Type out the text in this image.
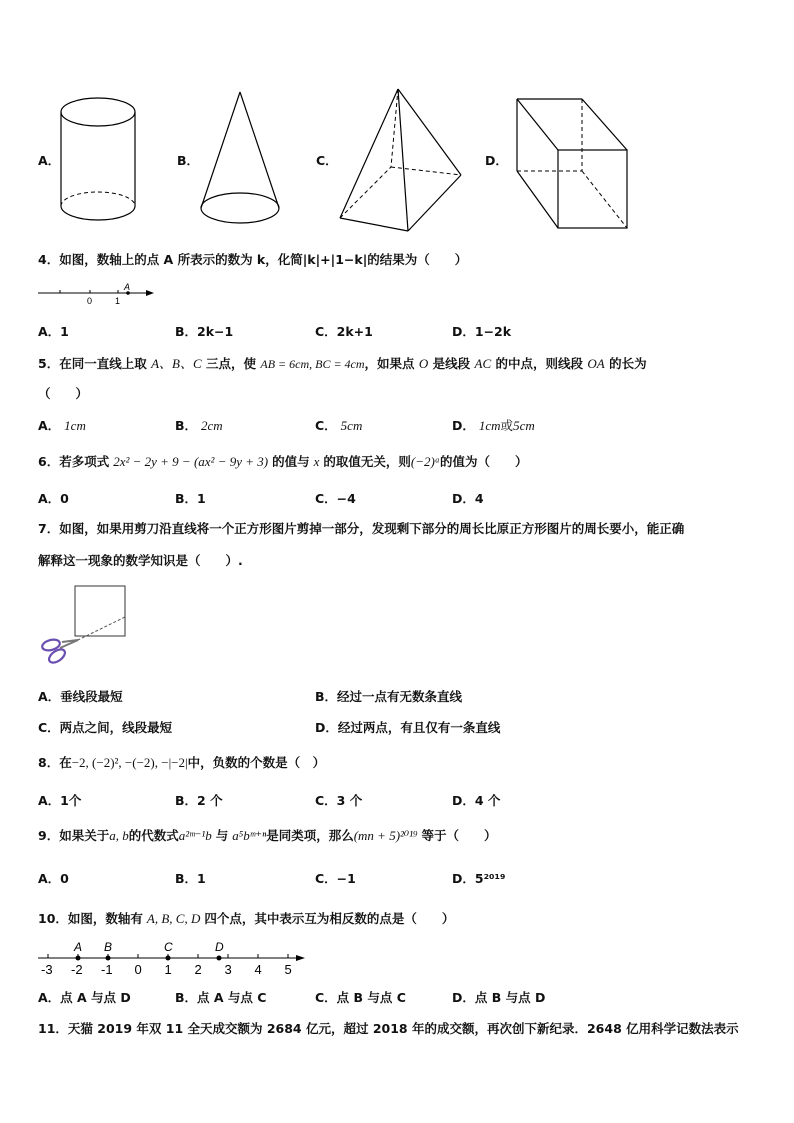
A．	B．	C．	D．
4．如图，数轴上的点 A 所表示的数为 k，化简|k|+|1−k|的结果为（　　）
0	1
A
A．1	B．2k−1	C．2k+1	D．1−2k
5．在同一直线上取 A、B、C 三点，使 AB = 6cm, BC = 4cm，如果点 O 是线段 AC 的中点，则线段 OA 的长为
（　　）
A． 1cm	B． 2cm	C． 5cm	D． 1cm或5cm
6．若多项式 2x² − 2y + 9 − (ax² − 9y + 3) 的值与 x 的取值无关，则(−2)ᵃ的值为（　　）
A．0	B．1	C．−4	D．4
7．如图，如果用剪刀沿直线将一个正方形图片剪掉一部分，发现剩下部分的周长比原正方形图片的周长要小，能正确
解释这一现象的数学知识是（　　）.
A．垂线段最短	B．经过一点有无数条直线
C．两点之间，线段最短	D．经过两点，有且仅有一条直线
8．在−2, (−2)², −(−2), −|−2|中，负数的个数是（　）
A．1个	B．2 个	C．3 个	D．4 个
9．如果关于a, b的代数式a²ᵐ⁻¹b 与 a⁵bᵐ⁺ⁿ是同类项，那么(mn + 5)²⁰¹⁹ 等于（　　）
A．0	B．1	C．−1	D．5²⁰¹⁹
10．如图，数轴有 A, B, C, D 四个点，其中表示互为相反数的点是（　　）
-3 -2 -1 0 1 2 3 4 5
A B	C	D
A．点 A 与点 D	B．点 A 与点 C	C．点 B 与点 C	D．点 B 与点 D
11．天猫 2019 年双 11 全天成交额为 2684 亿元，超过 2018 年的成交额，再次创下新纪录．2648 亿用科学记数法表示
